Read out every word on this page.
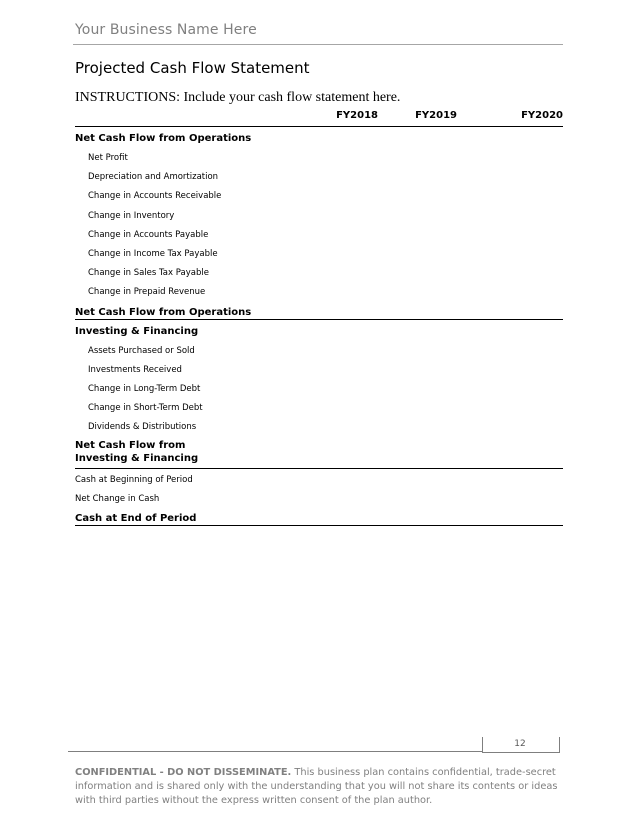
Your Business Name Here
Projected Cash Flow Statement
INSTRUCTIONS: Include your cash flow statement here.
FY2018	FY2019	FY2020
Net Cash Flow from Operations
Net Profit
Depreciation and Amortization
Change in Accounts Receivable
Change in Inventory
Change in Accounts Payable
Change in Income Tax Payable
Change in Sales Tax Payable
Change in Prepaid Revenue
Net Cash Flow from Operations
Investing & Financing
Assets Purchased or Sold
Investments Received
Change in Long-Term Debt
Change in Short-Term Debt
Dividends & Distributions
Net Cash Flow from Investing & Financing
Cash at Beginning of Period
Net Change in Cash
Cash at End of Period
12
CONFIDENTIAL - DO NOT DISSEMINATE. This business plan contains confidential, trade-secret information and is shared only with the understanding that you will not share its contents or ideas with third parties without the express written consent of the plan author.
